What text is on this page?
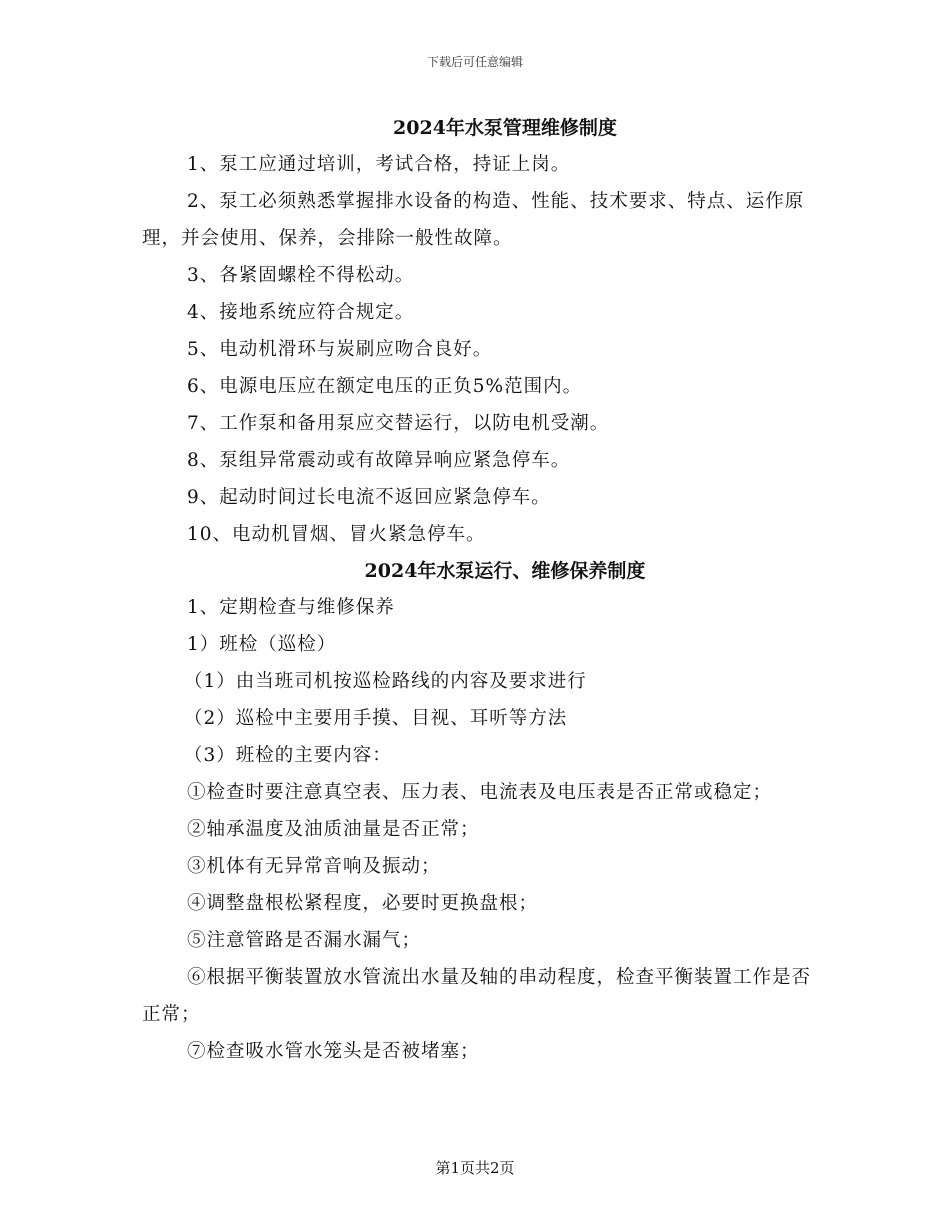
下载后可任意编辑
2024年水泵管理维修制度
1、泵工应通过培训，考试合格，持证上岗。
2、泵工必须熟悉掌握排水设备的构造、性能、技术要求、特点、运作原理，并会使用、保养，会排除一般性故障。
3、各紧固螺栓不得松动。
4、接地系统应符合规定。
5、电动机滑环与炭刷应吻合良好。
6、电源电压应在额定电压的正负5%范围内。
7、工作泵和备用泵应交替运行，以防电机受潮。
8、泵组异常震动或有故障异响应紧急停车。
9、起动时间过长电流不返回应紧急停车。
10、电动机冒烟、冒火紧急停车。
2024年水泵运行、维修保养制度
1、定期检查与维修保养
1）班检（巡检）
（1）由当班司机按巡检路线的内容及要求进行
（2）巡检中主要用手摸、目视、耳听等方法
（3）班检的主要内容：
①检查时要注意真空表、压力表、电流表及电压表是否正常或稳定；
②轴承温度及油质油量是否正常；
③机体有无异常音响及振动；
④调整盘根松紧程度，必要时更换盘根；
⑤注意管路是否漏水漏气；
⑥根据平衡装置放水管流出水量及轴的串动程度，检查平衡装置工作是否正常；
⑦检查吸水管水笼头是否被堵塞；
第1页共2页
